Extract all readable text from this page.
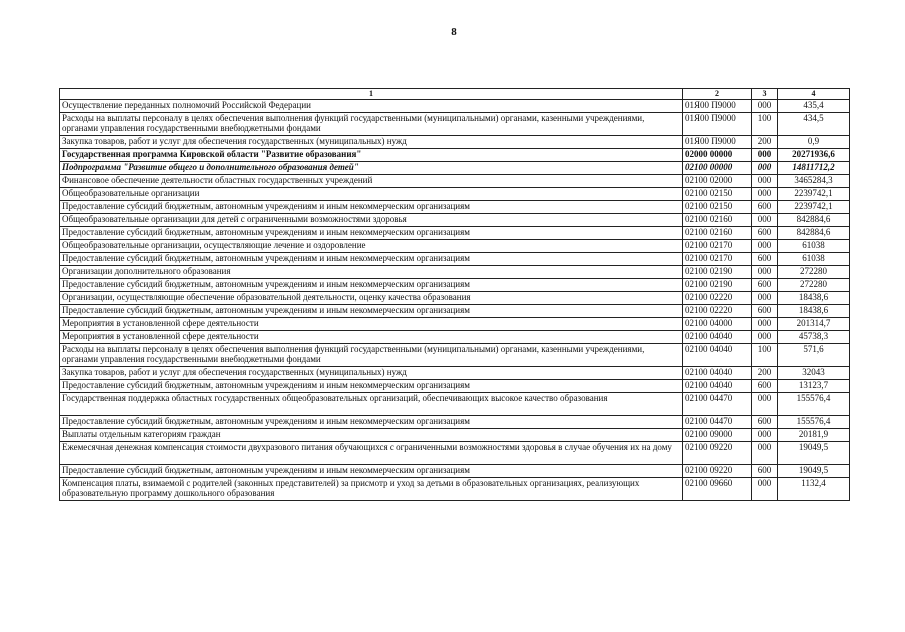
8
1	2	3	4
Осуществление переданных полномочий Российской Федерации	01Я00 П9000	000	435,4
Расходы на выплаты персоналу в целях обеспечения выполнения функций государственными (муниципальными) органами, казенными учреждениями, органами управления государственными внебюджетными фондами	01Я00 П9000	100	434,5
Закупка товаров, работ и услуг для обеспечения государственных (муниципальных) нужд	01Я00 П9000	200	0,9
Государственная программа Кировской области "Развитие образования"	02000 00000	000	20271936,6
Подпрограмма "Развитие общего и дополнительного образования детей"	02100 00000	000	14811712,2
Финансовое обеспечение деятельности областных государственных учреждений	02100 02000	000	3465284,3
Общеобразовательные организации	02100 02150	000	2239742,1
Предоставление субсидий бюджетным, автономным учреждениям и иным некоммерческим организациям	02100 02150	600	2239742,1
Общеобразовательные организации для детей с ограниченными возможностями здоровья	02100 02160	000	842884,6
Предоставление субсидий бюджетным, автономным учреждениям и иным некоммерческим организациям	02100 02160	600	842884,6
Общеобразовательные организации, осуществляющие лечение и оздоровление	02100 02170	000	61038
Предоставление субсидий бюджетным, автономным учреждениям и иным некоммерческим организациям	02100 02170	600	61038
Организации дополнительного образования	02100 02190	000	272280
Предоставление субсидий бюджетным, автономным учреждениям и иным некоммерческим организациям	02100 02190	600	272280
Организации, осуществляющие обеспечение образовательной деятельности, оценку качества образования	02100 02220	000	18438,6
Предоставление субсидий бюджетным, автономным учреждениям и иным некоммерческим организациям	02100 02220	600	18438,6
Мероприятия в установленной сфере деятельности	02100 04000	000	201314,7
Мероприятия в установленной сфере деятельности	02100 04040	000	45738,3
Расходы на выплаты персоналу в целях обеспечения выполнения функций государственными (муниципальными) органами, казенными учреждениями, органами управления государственными внебюджетными фондами	02100 04040	100	571,6
Закупка товаров, работ и услуг для обеспечения государственных (муниципальных) нужд	02100 04040	200	32043
Предоставление субсидий бюджетным, автономным учреждениям и иным некоммерческим организациям	02100 04040	600	13123,7
Государственная поддержка областных государственных общеобразовательных организаций, обеспечивающих высокое качество образования	02100 04470	000	155576,4
Предоставление субсидий бюджетным, автономным учреждениям и иным некоммерческим организациям	02100 04470	600	155576,4
Выплаты отдельным категориям граждан	02100 09000	000	20181,9
Ежемесячная денежная компенсация стоимости двухразового питания обучающихся с ограниченными возможностями здоровья в случае обучения их на дому	02100 09220	000	19049,5
Предоставление субсидий бюджетным, автономным учреждениям и иным некоммерческим организациям	02100 09220	600	19049,5
Компенсация платы, взимаемой с родителей (законных представителей) за присмотр и уход за детьми в образовательных организациях, реализующих образовательную программу дошкольного образования	02100 09660	000	1132,4
